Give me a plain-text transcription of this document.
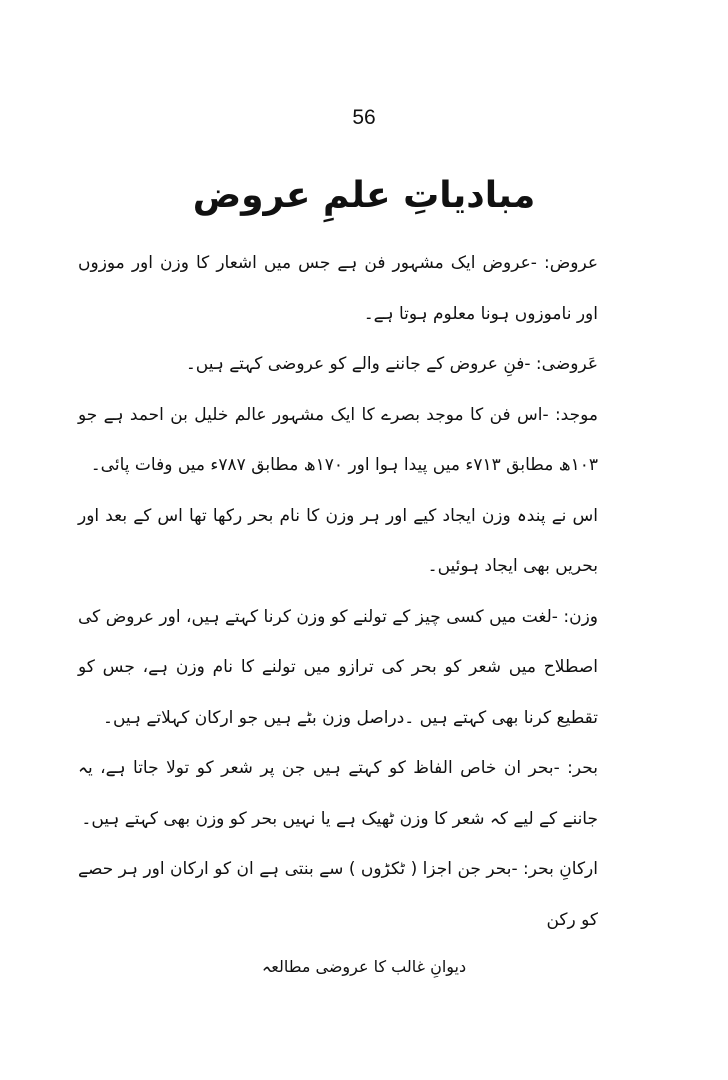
56
مبادیاتِ علمِ عروض

عروض: -عروض ایک مشہور فن ہے جس میں اشعار کا وزن اور موزوں اور ناموزوں ہونا معلوم ہوتا ہے۔

عَروضی: -فنِ عروض کے جاننے والے کو عروضی کہتے ہیں۔

موجد: -اس فن کا موجد بصرے کا ایک مشہور عالم خلیل بن احمد ہے جو ۱۰۳ھ مطابق ۷۱۳ء میں پیدا ہوا اور ۱۷۰ھ مطابق ۷۸۷ء میں وفات پائی۔

اس نے پندہ وزن ایجاد کیے اور ہر وزن کا نام بحر رکھا تھا اس کے بعد اور بحریں بھی ایجاد ہوئیں۔

وزن: -لغت میں کسی چیز کے تولنے کو وزن کرنا کہتے ہیں، اور عروض کی اصطلاح میں شعر کو بحر کی ترازو میں تولنے کا نام وزن ہے، جس کو تقطیع کرنا بھی کہتے ہیں ۔دراصل وزن بٹے ہیں جو ارکان کہلاتے ہیں۔

بحر: -بحر ان خاص الفاظ کو کہتے ہیں جن پر شعر کو تولا جاتا ہے، یہ جاننے کے لیے کہ شعر کا وزن ٹھیک ہے یا نہیں بحر کو وزن بھی کہتے ہیں۔

ارکانِ بحر: -بحر جن اجزا ( ٹکڑوں ) سے بنتی ہے ان کو ارکان اور ہر حصے کو رکن

دیوانِ غالب کا عروضی مطالعہ
